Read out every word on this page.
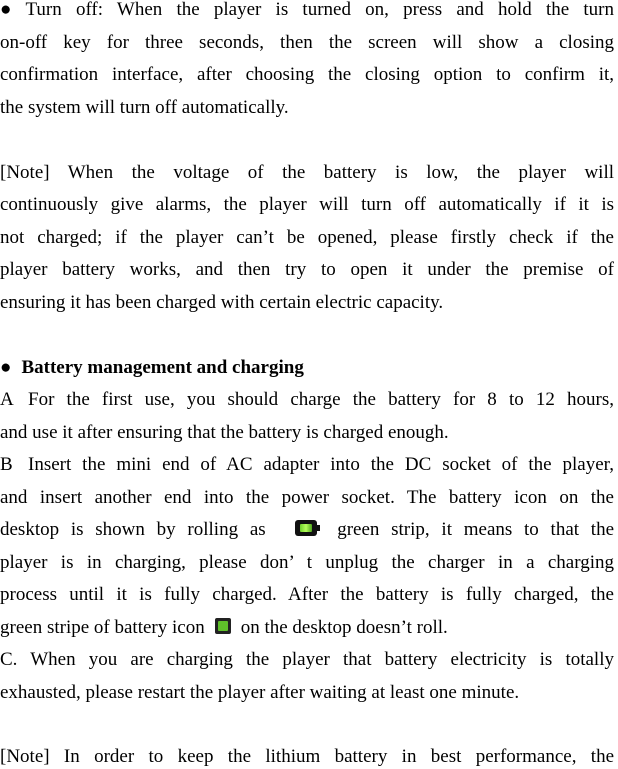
● Turn off: When the player is turned on, press and hold the turn
on-off key for three seconds, then the screen will show a closing
confirmation interface, after choosing the closing option to confirm it,
the system will turn off automatically.
[Note] When the voltage of the battery is low, the player will
continuously give alarms, the player will turn off automatically if it is
not charged; if the player can’t be opened, please firstly check if the
player battery works, and then try to open it under the premise of
ensuring it has been charged with certain electric capacity.
● Battery management and charging
A For the first use, you should charge the battery for 8 to 12 hours,
and use it after ensuring that the battery is charged enough.
B Insert the mini end of AC adapter into the DC socket of the player,
and insert another end into the power socket. The battery icon on the
desktop is shown by rolling as	green strip, it means to that the
player is in charging, please don’ t unplug the charger in a charging
process until it is fully charged. After the battery is fully charged, the
green stripe of battery icon on the desktop doesn’t roll.
C. When you are charging the player that battery electricity is totally
exhausted, please restart the player after waiting at least one minute.
[Note] In order to keep the lithium battery in best performance, the
